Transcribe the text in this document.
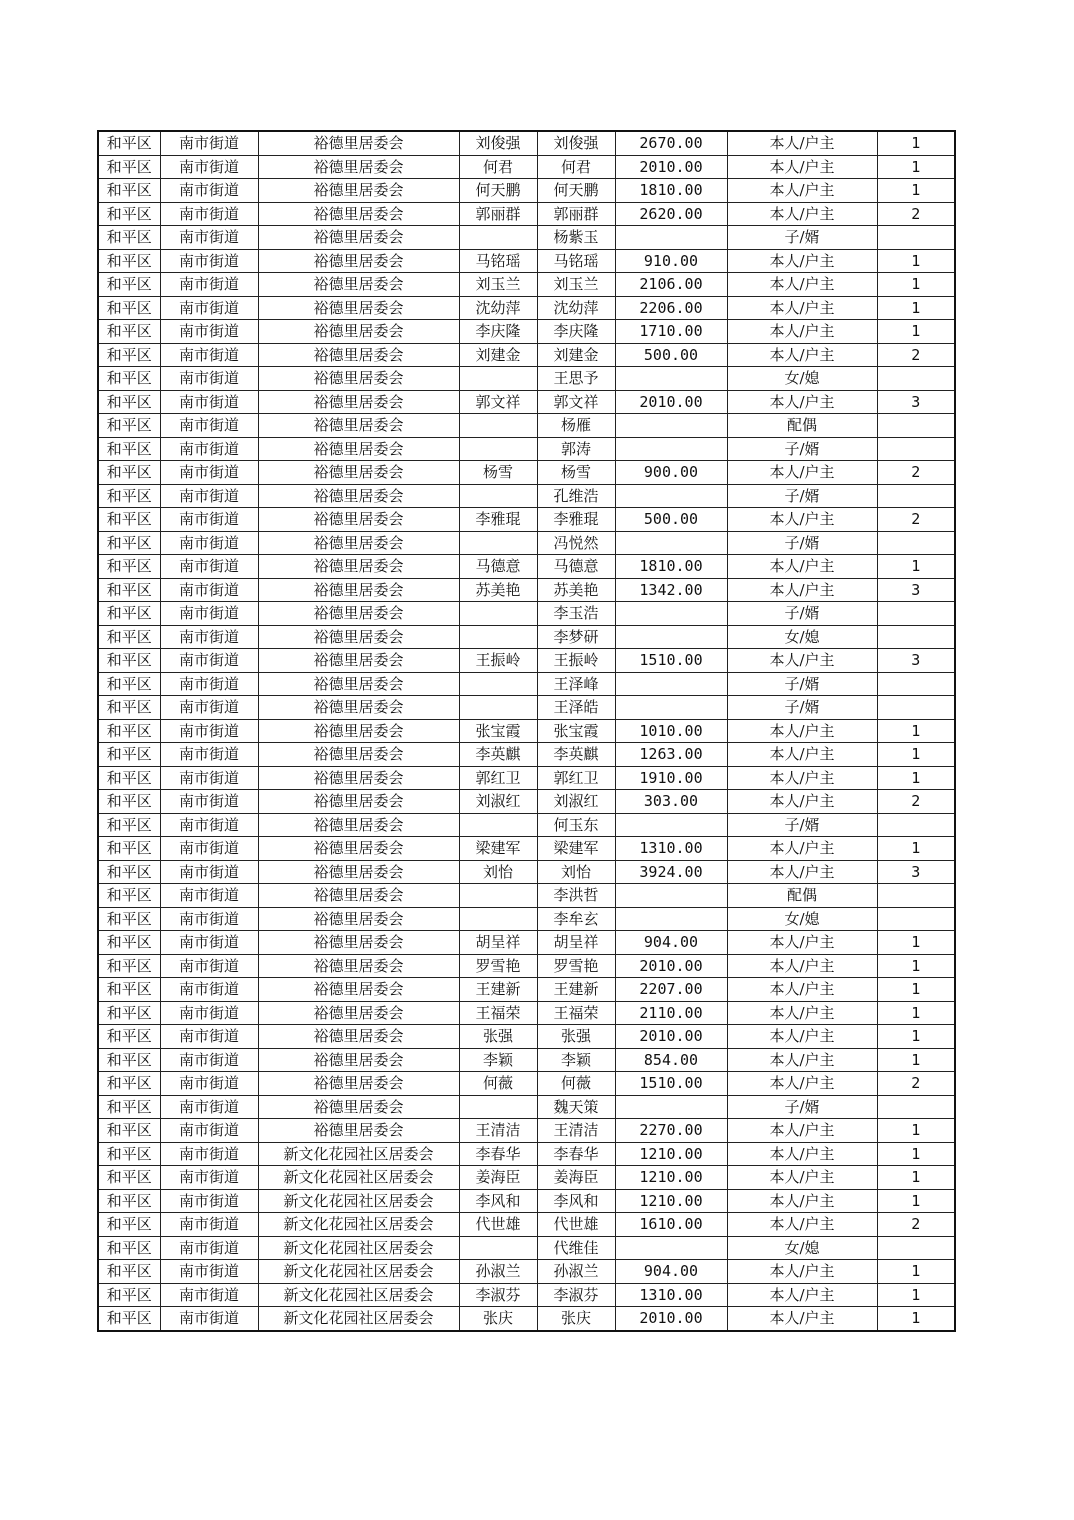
和平区	南市街道	裕德里居委会	刘俊强	刘俊强	2670.00	本人/户主	1
和平区	南市街道	裕德里居委会	何君	何君	2010.00	本人/户主	1
和平区	南市街道	裕德里居委会	何天鹏	何天鹏	1810.00	本人/户主	1
和平区	南市街道	裕德里居委会	郭丽群	郭丽群	2620.00	本人/户主	2
和平区	南市街道	裕德里居委会		杨紫玉		子/婿	
和平区	南市街道	裕德里居委会	马铭瑶	马铭瑶	910.00	本人/户主	1
和平区	南市街道	裕德里居委会	刘玉兰	刘玉兰	2106.00	本人/户主	1
和平区	南市街道	裕德里居委会	沈幼萍	沈幼萍	2206.00	本人/户主	1
和平区	南市街道	裕德里居委会	李庆隆	李庆隆	1710.00	本人/户主	1
和平区	南市街道	裕德里居委会	刘建金	刘建金	500.00	本人/户主	2
和平区	南市街道	裕德里居委会		王思予		女/媳	
和平区	南市街道	裕德里居委会	郭文祥	郭文祥	2010.00	本人/户主	3
和平区	南市街道	裕德里居委会		杨雁		配偶	
和平区	南市街道	裕德里居委会		郭涛		子/婿	
和平区	南市街道	裕德里居委会	杨雪	杨雪	900.00	本人/户主	2
和平区	南市街道	裕德里居委会		孔维浩		子/婿	
和平区	南市街道	裕德里居委会	李雅琨	李雅琨	500.00	本人/户主	2
和平区	南市街道	裕德里居委会		冯悦然		子/婿	
和平区	南市街道	裕德里居委会	马德意	马德意	1810.00	本人/户主	1
和平区	南市街道	裕德里居委会	苏美艳	苏美艳	1342.00	本人/户主	3
和平区	南市街道	裕德里居委会		李玉浩		子/婿	
和平区	南市街道	裕德里居委会		李梦研		女/媳	
和平区	南市街道	裕德里居委会	王振岭	王振岭	1510.00	本人/户主	3
和平区	南市街道	裕德里居委会		王泽峰		子/婿	
和平区	南市街道	裕德里居委会		王泽皓		子/婿	
和平区	南市街道	裕德里居委会	张宝霞	张宝霞	1010.00	本人/户主	1
和平区	南市街道	裕德里居委会	李英麒	李英麒	1263.00	本人/户主	1
和平区	南市街道	裕德里居委会	郭红卫	郭红卫	1910.00	本人/户主	1
和平区	南市街道	裕德里居委会	刘淑红	刘淑红	303.00	本人/户主	2
和平区	南市街道	裕德里居委会		何玉东		子/婿	
和平区	南市街道	裕德里居委会	梁建军	梁建军	1310.00	本人/户主	1
和平区	南市街道	裕德里居委会	刘怡	刘怡	3924.00	本人/户主	3
和平区	南市街道	裕德里居委会		李洪哲		配偶	
和平区	南市街道	裕德里居委会		李牟玄		女/媳	
和平区	南市街道	裕德里居委会	胡呈祥	胡呈祥	904.00	本人/户主	1
和平区	南市街道	裕德里居委会	罗雪艳	罗雪艳	2010.00	本人/户主	1
和平区	南市街道	裕德里居委会	王建新	王建新	2207.00	本人/户主	1
和平区	南市街道	裕德里居委会	王福荣	王福荣	2110.00	本人/户主	1
和平区	南市街道	裕德里居委会	张强	张强	2010.00	本人/户主	1
和平区	南市街道	裕德里居委会	李颖	李颖	854.00	本人/户主	1
和平区	南市街道	裕德里居委会	何薇	何薇	1510.00	本人/户主	2
和平区	南市街道	裕德里居委会		魏天策		子/婿	
和平区	南市街道	裕德里居委会	王清洁	王清洁	2270.00	本人/户主	1
和平区	南市街道	新文化花园社区居委会	李春华	李春华	1210.00	本人/户主	1
和平区	南市街道	新文化花园社区居委会	姜海臣	姜海臣	1210.00	本人/户主	1
和平区	南市街道	新文化花园社区居委会	李风和	李风和	1210.00	本人/户主	1
和平区	南市街道	新文化花园社区居委会	代世雄	代世雄	1610.00	本人/户主	2
和平区	南市街道	新文化花园社区居委会		代维佳		女/媳	
和平区	南市街道	新文化花园社区居委会	孙淑兰	孙淑兰	904.00	本人/户主	1
和平区	南市街道	新文化花园社区居委会	李淑芬	李淑芬	1310.00	本人/户主	1
和平区	南市街道	新文化花园社区居委会	张庆	张庆	2010.00	本人/户主	1
